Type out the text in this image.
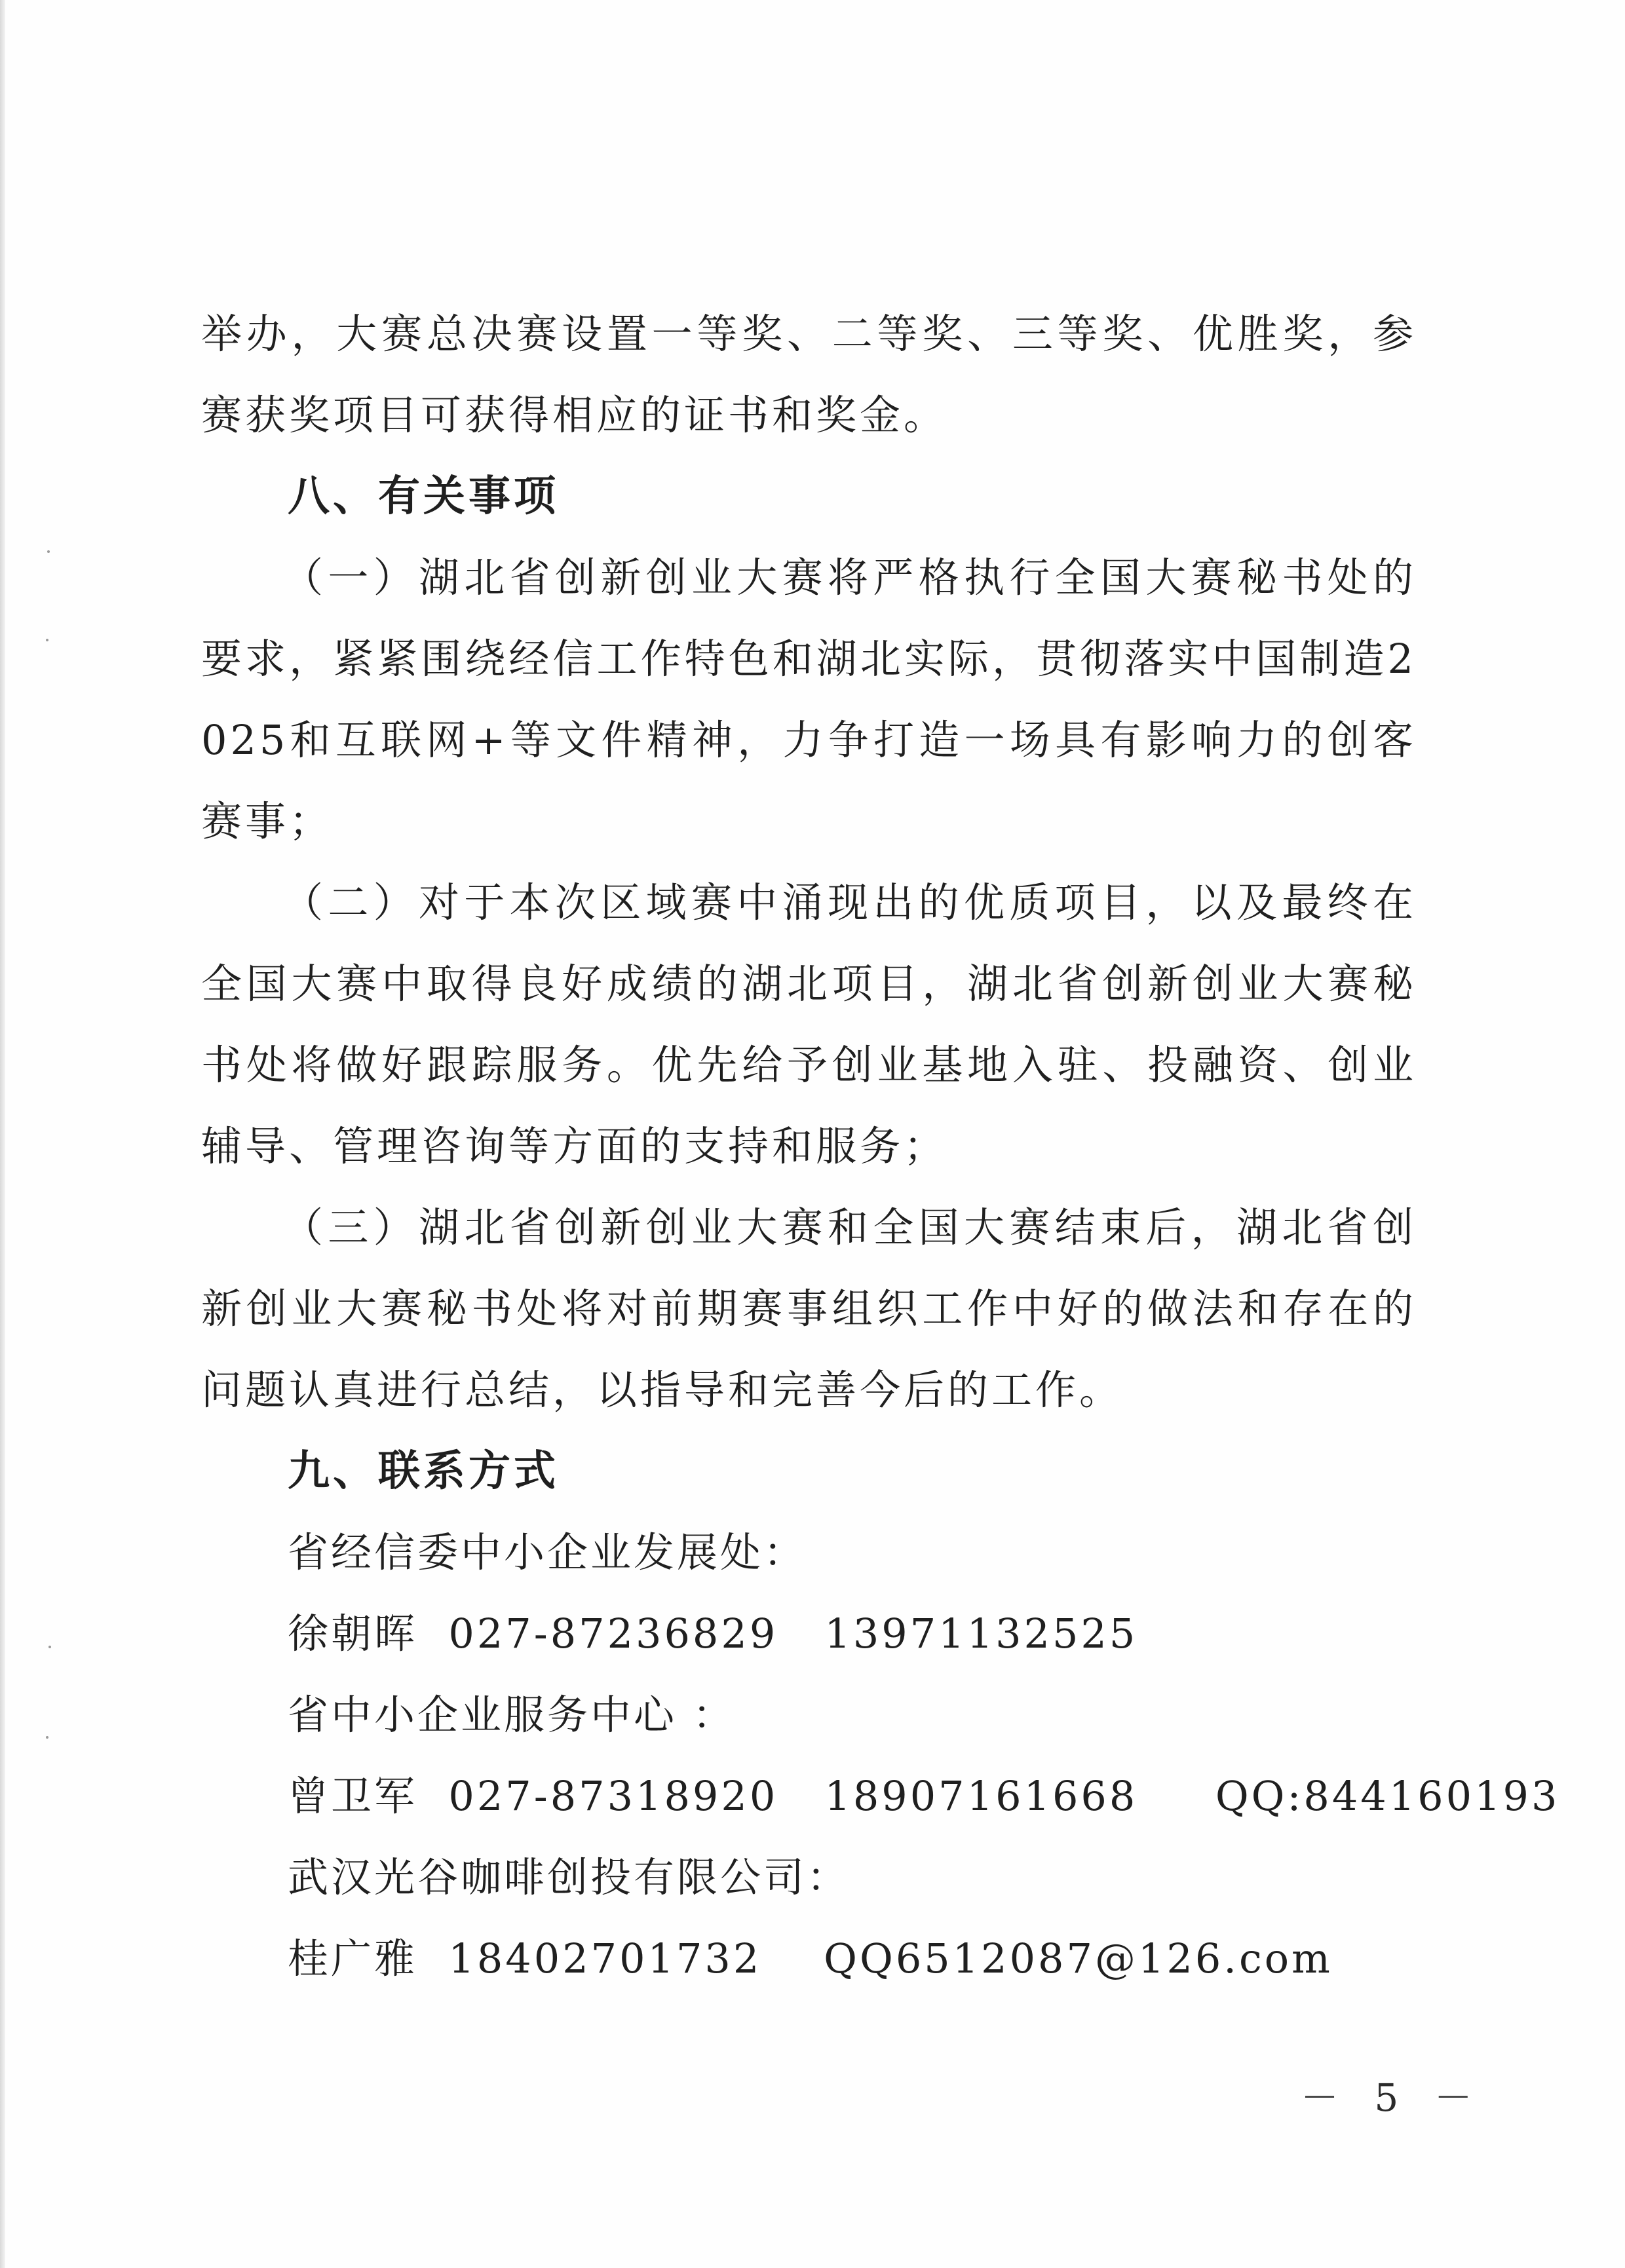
举办，大赛总决赛设置一等奖、二等奖、三等奖、优胜奖，参赛获奖项目可获得相应的证书和奖金。

八、有关事项

（一）湖北省创新创业大赛将严格执行全国大赛秘书处的要求，紧紧围绕经信工作特色和湖北实际，贯彻落实中国制造2025和互联网+等文件精神，力争打造一场具有影响力的创客赛事；

（二）对于本次区域赛中涌现出的优质项目，以及最终在全国大赛中取得良好成绩的湖北项目，湖北省创新创业大赛秘书处将做好跟踪服务。优先给予创业基地入驻、投融资、创业辅导、管理咨询等方面的支持和服务；

（三）湖北省创新创业大赛和全国大赛结束后，湖北省创新创业大赛秘书处将对前期赛事组织工作中好的做法和存在的问题认真进行总结，以指导和完善今后的工作。

九、联系方式

省经信委中小企业发展处：

徐朝晖  027-87236829   13971132525

省中小企业服务中心 ：

曾卫军  027-87318920   18907161668     QQ:844160193

武汉光谷咖啡创投有限公司：

桂广雅  18402701732    QQ6512087@126.com

－ 5 －
